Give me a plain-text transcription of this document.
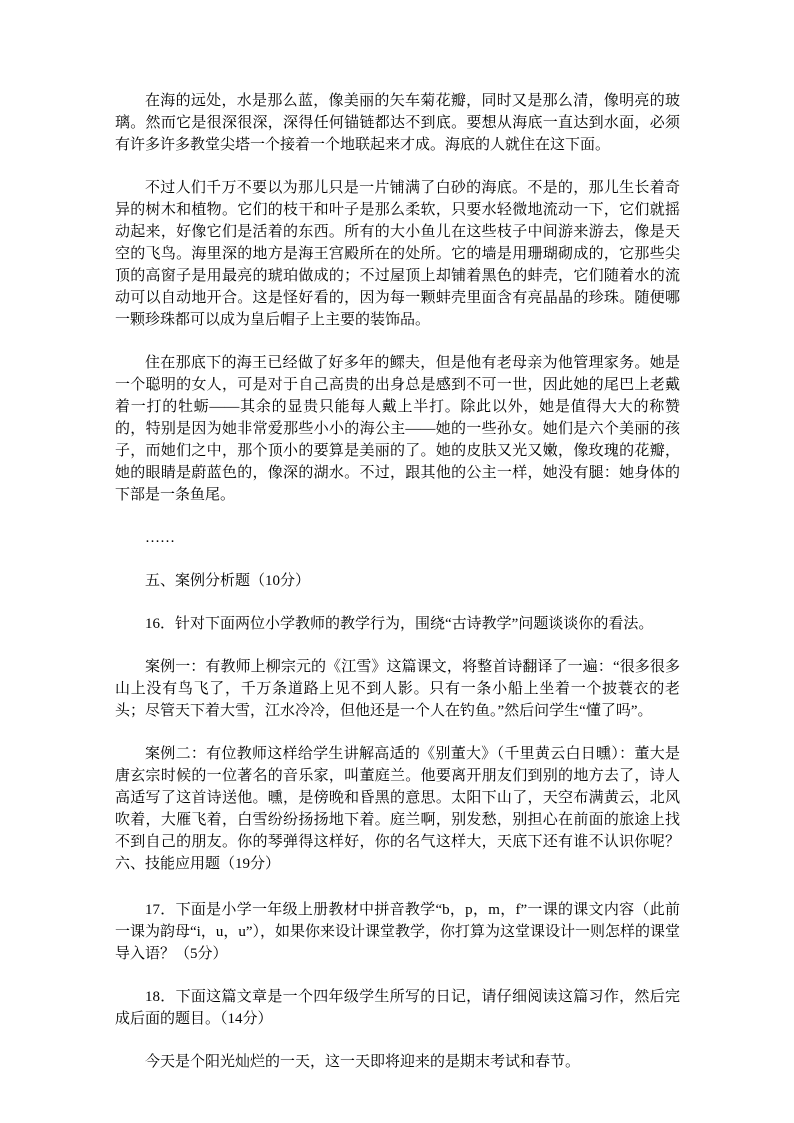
在海的远处，水是那么蓝，像美丽的矢车菊花瓣，同时又是那么清，像明亮的玻璃。然而它是很深很深，深得任何锚链都达不到底。要想从海底一直达到水面，必须有许多许多教堂尖塔一个接着一个地联起来才成。海底的人就住在这下面。

不过人们千万不要以为那儿只是一片铺满了白砂的海底。不是的，那儿生长着奇异的树木和植物。它们的枝干和叶子是那么柔软，只要水轻微地流动一下，它们就摇动起来，好像它们是活着的东西。所有的大小鱼儿在这些枝子中间游来游去，像是天空的飞鸟。海里深的地方是海王宫殿所在的处所。它的墙是用珊瑚砌成的，它那些尖顶的高窗子是用最亮的琥珀做成的；不过屋顶上却铺着黑色的蚌壳，它们随着水的流动可以自动地开合。这是怪好看的，因为每一颗蚌壳里面含有亮晶晶的珍珠。随便哪一颗珍珠都可以成为皇后帽子上主要的装饰品。

住在那底下的海王已经做了好多年的鳏夫，但是他有老母亲为他管理家务。她是一个聪明的女人，可是对于自己高贵的出身总是感到不可一世，因此她的尾巴上老戴着一打的牡蛎——其余的显贵只能每人戴上半打。除此以外，她是值得大大的称赞的，特别是因为她非常爱那些小小的海公主——她的一些孙女。她们是六个美丽的孩子，而她们之中，那个顶小的要算是美丽的了。她的皮肤又光又嫩，像玫瑰的花瓣，她的眼睛是蔚蓝色的，像深的湖水。不过，跟其他的公主一样，她没有腿：她身体的下部是一条鱼尾。

……

五、案例分析题（10分）

16．针对下面两位小学教师的教学行为，围绕“古诗教学”问题谈谈你的看法。

案例一：有教师上柳宗元的《江雪》这篇课文，将整首诗翻译了一遍：“很多很多山上没有鸟飞了，千万条道路上见不到人影。只有一条小船上坐着一个披蓑衣的老头；尽管天下着大雪，江水冷冷，但他还是一个人在钓鱼。”然后问学生“懂了吗”。

案例二：有位教师这样给学生讲解高适的《别董大》（千里黄云白日曛）：董大是唐玄宗时候的一位著名的音乐家，叫董庭兰。他要离开朋友们到别的地方去了，诗人高适写了这首诗送他。曛，是傍晚和昏黑的意思。太阳下山了，天空布满黄云，北风吹着，大雁飞着，白雪纷纷扬扬地下着。庭兰啊，别发愁，别担心在前面的旅途上找不到自己的朋友。你的琴弹得这样好，你的名气这样大，天底下还有谁不认识你呢？六、技能应用题（19分）

17．下面是小学一年级上册教材中拼音教学“b，p，m，f”一课的课文内容（此前一课为韵母“i，u，u”），如果你来设计课堂教学，你打算为这堂课设计一则怎样的课堂导入语？（5分）

18．下面这篇文章是一个四年级学生所写的日记，请仔细阅读这篇习作，然后完成后面的题目。（14分）

今天是个阳光灿烂的一天，这一天即将迎来的是期末考试和春节。
